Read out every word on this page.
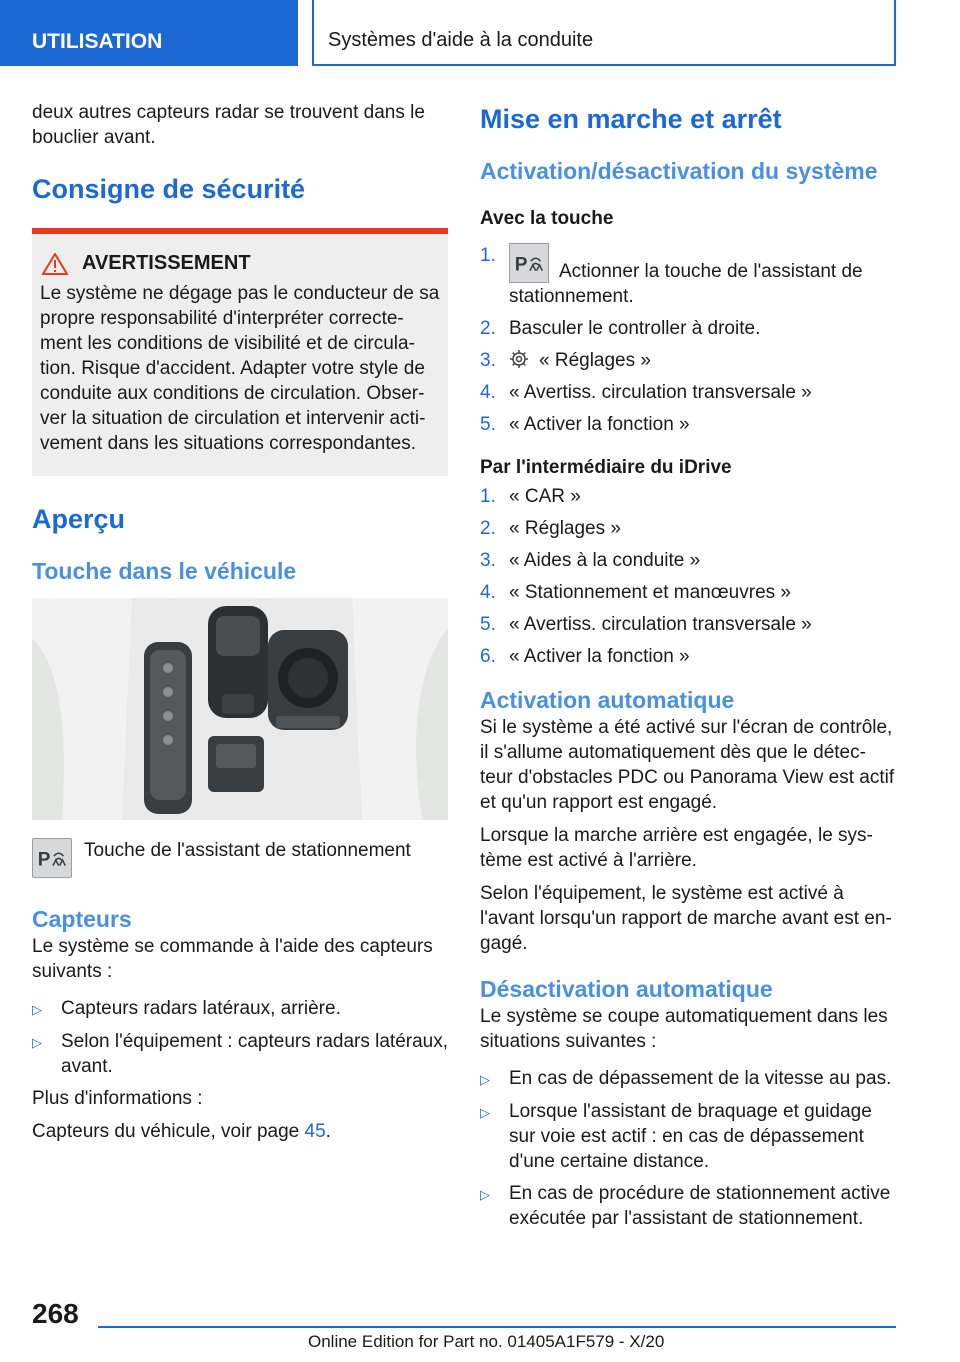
UTILISATION	Systèmes d'aide à la conduite

deux autres capteurs radar se trouvent dans le bouclier avant.

Consigne de sécurité
AVERTISSEMENT
Le système ne dégage pas le conducteur de sa propre responsabilité d'interpréter correcte-ment les conditions de visibilité et de circula-tion. Risque d'accident. Adapter votre style de conduite aux conditions de circulation. Obser-ver la situation de circulation et intervenir acti-vement dans les situations correspondantes.
Aperçu
Touche dans le véhicule
P Touche de l'assistant de stationnement
Capteurs

Le système se commande à l'aide des capteurs suivants :

▷	Capteurs radars latéraux, arrière.
▷	Selon l'équipement : capteurs radars latéraux, avant.

Plus d'informations :

Capteurs du véhicule, voir page 45.

Mise en marche et arrêt
Activation/désactivation du système
Avec la touche
1. P Actionner la touche de l'assistant de stationnement.
2. Basculer le controller à droite.
3.	« Réglages »
4. « Avertiss. circulation transversale »
5. « Activer la fonction »
Par l'intermédiaire du iDrive
1. « CAR »
2. « Réglages »
3. « Aides à la conduite »
4. « Stationnement et manœuvres »
5. « Avertiss. circulation transversale »
6. « Activer la fonction »
Activation automatique

Si le système a été activé sur l'écran de contrôle, il s'allume automatiquement dès que le détec-teur d'obstacles PDC ou Panorama View est actif et qu'un rapport est engagé.

Lorsque la marche arrière est engagée, le sys-tème est activé à l'arrière.

Selon l'équipement, le système est activé à l'avant lorsqu'un rapport de marche avant est en-gagé.

Désactivation automatique

Le système se coupe automatiquement dans les situations suivantes :

▷	En cas de dépassement de la vitesse au pas.
▷	Lorsque l'assistant de braquage et guidage sur voie est actif : en cas de dépassement d'une certaine distance.
▷	En cas de procédure de stationnement active exécutée par l'assistant de stationnement.
268
Online Edition for Part no. 01405A1F579 - X/20
